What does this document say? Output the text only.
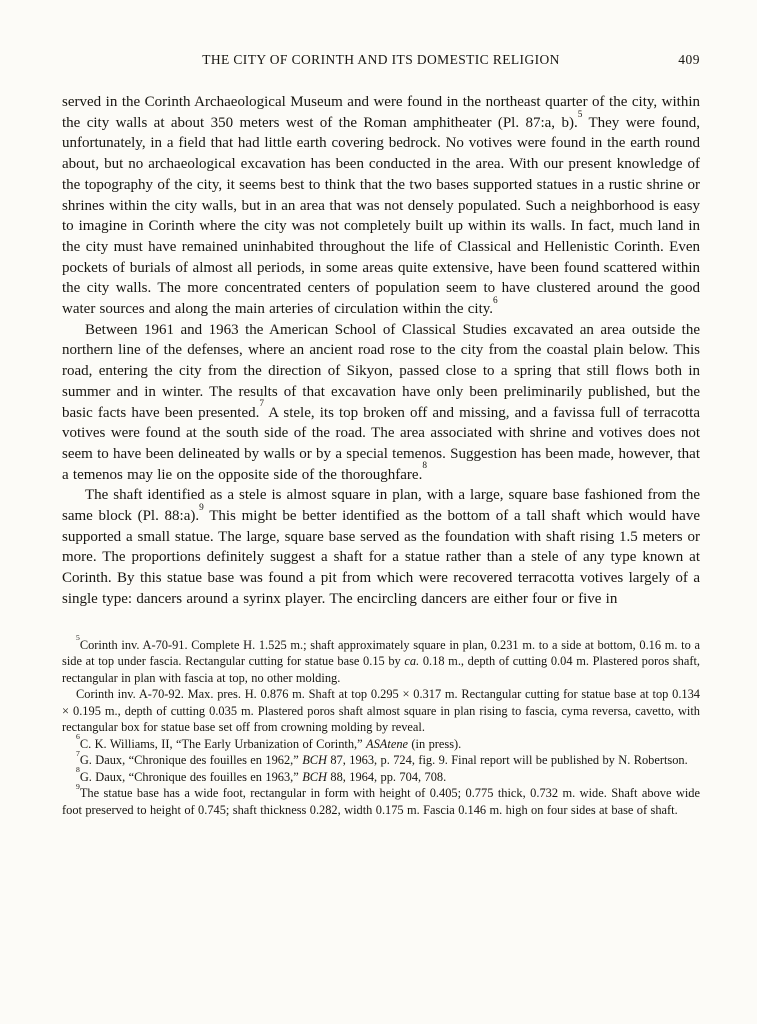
THE CITY OF CORINTH AND ITS DOMESTIC RELIGION	409

served in the Corinth Archaeological Museum and were found in the northeast quarter of the city, within the city walls at about 350 meters west of the Roman amphitheater (Pl. 87:a, b).$^5$ They were found, unfortunately, in a field that had little earth covering bedrock. No votives were found in the earth round about, but no archaeological excavation has been conducted in the area. With our present knowledge of the topography of the city, it seems best to think that the two bases supported statues in a rustic shrine or shrines within the city walls, but in an area that was not densely populated. Such a neighborhood is easy to imagine in Corinth where the city was not completely built up within its walls. In fact, much land in the city must have remained uninhabited throughout the life of Classical and Hellenistic Corinth. Even pockets of burials of almost all periods, in some areas quite extensive, have been found scattered within the city walls. The more concentrated centers of population seem to have clustered around the good water sources and along the main arteries of circulation within the city.$^6$

Between 1961 and 1963 the American School of Classical Studies excavated an area outside the northern line of the defenses, where an ancient road rose to the city from the coastal plain below. This road, entering the city from the direction of Sikyon, passed close to a spring that still flows both in summer and in winter. The results of that excavation have only been preliminarily published, but the basic facts have been presented.$^7$ A stele, its top broken off and missing, and a favissa full of terracotta votives were found at the south side of the road. The area associated with shrine and votives does not seem to have been delineated by walls or by a special temenos. Suggestion has been made, however, that a temenos may lie on the opposite side of the thoroughfare.$^8$

The shaft identified as a stele is almost square in plan, with a large, square base fashioned from the same block (Pl. 88:a).$^9$ This might be better identified as the bottom of a tall shaft which would have supported a small statue. The large, square base served as the foundation with shaft rising 1.5 meters or more. The proportions definitely suggest a shaft for a statue rather than a stele of any type known at Corinth. By this statue base was found a pit from which were recovered terracotta votives largely of a single type: dancers around a syrinx player. The encircling dancers are either four or five in

$^5$Corinth inv. A-70-91. Complete H. 1.525 m.; shaft approximately square in plan, 0.231 m. to a side at bottom, 0.16 m. to a side at top under fascia. Rectangular cutting for statue base 0.15 by ca. 0.18 m., depth of cutting 0.04 m. Plastered poros shaft, rectangular in plan with fascia at top, no other molding.

Corinth inv. A-70-92. Max. pres. H. 0.876 m. Shaft at top 0.295 × 0.317 m. Rectangular cutting for statue base at top 0.134 × 0.195 m., depth of cutting 0.035 m. Plastered poros shaft almost square in plan rising to fascia, cyma reversa, cavetto, with rectangular box for statue base set off from crowning molding by reveal.

$^6$C. K. Williams, II, “The Early Urbanization of Corinth,” ASAtene (in press).

$^7$G. Daux, “Chronique des fouilles en 1962,” BCH 87, 1963, p. 724, fig. 9. Final report will be published by N. Robertson.

$^8$G. Daux, “Chronique des fouilles en 1963,” BCH 88, 1964, pp. 704, 708.

$^9$The statue base has a wide foot, rectangular in form with height of 0.405; 0.775 thick, 0.732 m. wide. Shaft above wide foot preserved to height of 0.745; shaft thickness 0.282, width 0.175 m. Fascia 0.146 m. high on four sides at base of shaft.
